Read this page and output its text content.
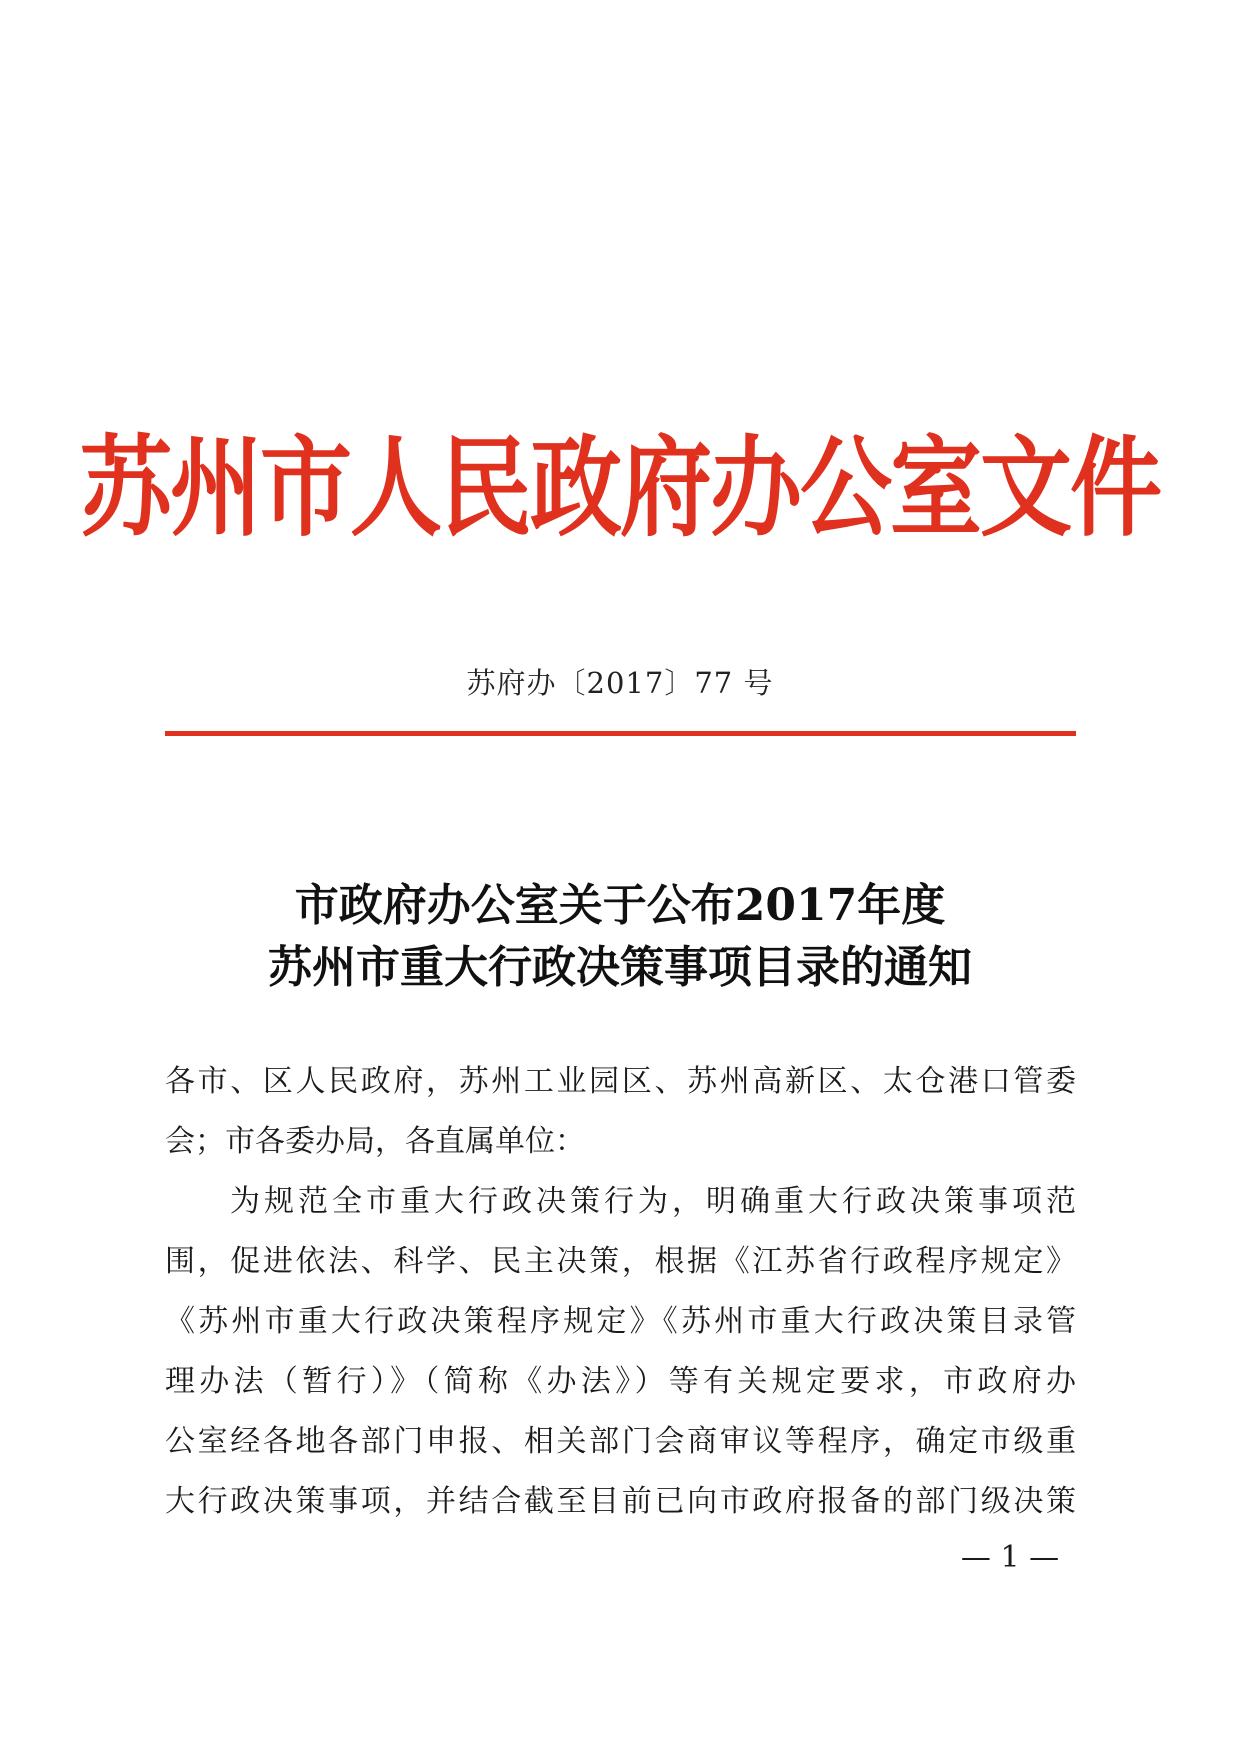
苏州市人民政府办公室文件
苏府办〔2017〕77 号
市政府办公室关于公布2017年度
苏州市重大行政决策事项目录的通知
各市、区人民政府，苏州工业园区、苏州高新区、太仓港口管委
会；市各委办局，各直属单位：
为规范全市重大行政决策行为，明确重大行政决策事项范
围，促进依法、科学、民主决策，根据《江苏省行政程序规定》
《苏州市重大行政决策程序规定》《苏州市重大行政决策目录管
理办法（暂行）》（简称《办法》）等有关规定要求，市政府办
公室经各地各部门申报、相关部门会商审议等程序，确定市级重
大行政决策事项，并结合截至目前已向市政府报备的部门级决策
— 1 —
